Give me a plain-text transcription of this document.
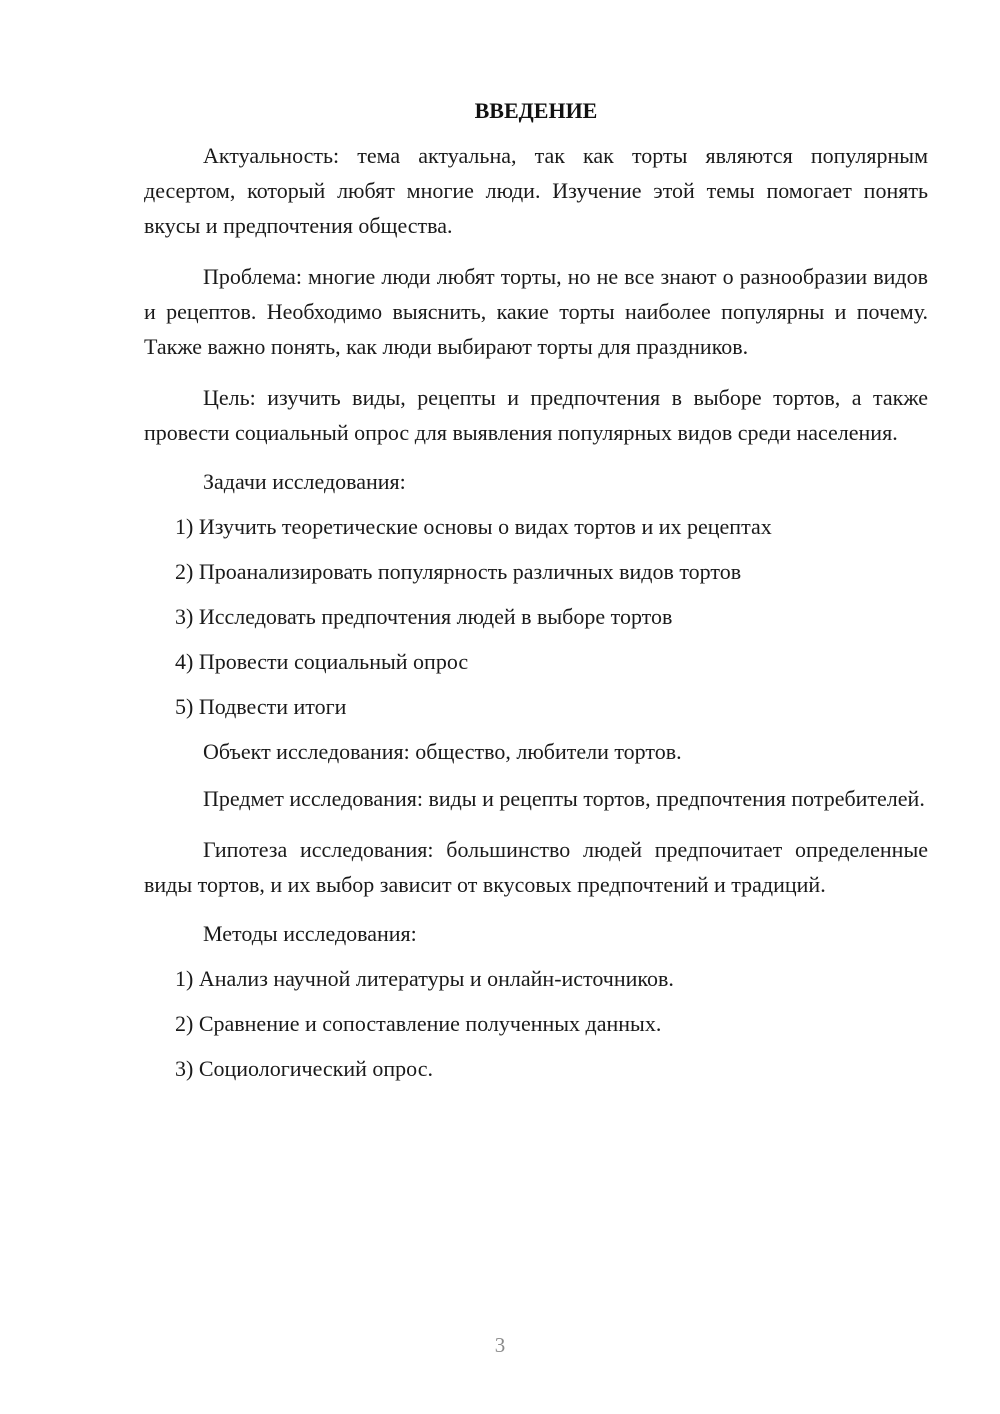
ВВЕДЕНИЕ

Актуальность: тема актуальна, так как торты являются популярным десертом, который любят многие люди. Изучение этой темы помогает понять вкусы и предпочтения общества.

Проблема: многие люди любят торты, но не все знают о разнообразии видов и рецептов. Необходимо выяснить, какие торты наиболее популярны и почему. Также важно понять, как люди выбирают торты для праздников.

Цель: изучить виды, рецепты и предпочтения в выборе тортов, а также провести социальный опрос для выявления популярных видов среди населения.

Задачи исследования:

1) Изучить теоретические основы о видах тортов и их рецептах
2) Проанализировать популярность различных видов тортов
3) Исследовать предпочтения людей в выборе тортов
4) Провести социальный опрос
5) Подвести итоги

Объект исследования: общество, любители тортов.

Предмет исследования: виды и рецепты тортов, предпочтения потребителей.

Гипотеза исследования: большинство людей предпочитает определенные виды тортов, и их выбор зависит от вкусовых предпочтений и традиций.

Методы исследования:

1) Анализ научной литературы и онлайн-источников.
2) Сравнение и сопоставление полученных данных.
3) Социологический опрос.
3
